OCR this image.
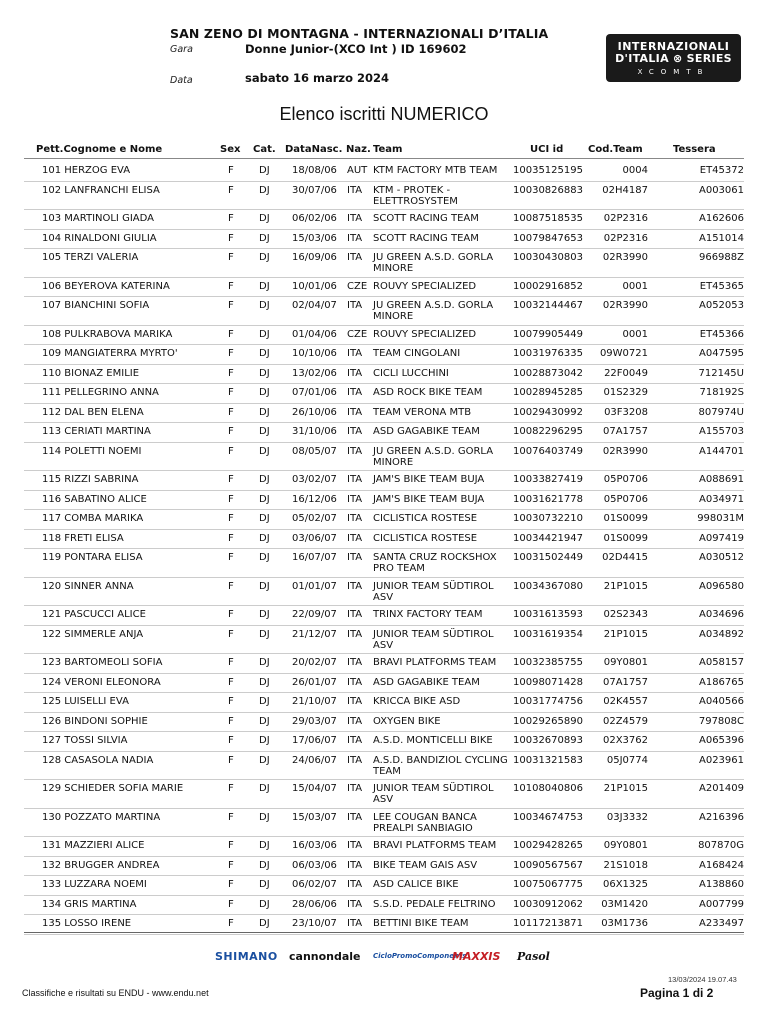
SAN ZENO DI MONTAGNA - INTERNAZIONALI D’ITALIA
Gara	Donne Junior-(XCO Int ) ID 169602
Data	sabato 16 marzo 2024
INTERNAZIONALI
D'ITALIA ⊗ SERIES
XCOMTB
Elenco iscritti NUMERICO
Pett.Cognome e Nome	Sex Cat. DataNasc. Naz. Team	UCI id Cod.Team	Tessera
101 HERZOG EVA	F	DJ 18/08/06 AUT KTM FACTORY MTB TEAM	10035125195	0004	ET45372
102 LANFRANCHI ELISA	F	DJ 30/07/06 ITA KTM - PROTEK - ELETTROSYSTEM
10030826883	02H4187	A003061
103 MARTINOLI GIADA	F	DJ 06/02/06 ITA SCOTT RACING TEAM	10087518535	02P2316	A162606
104 RINALDONI GIULIA	F	DJ 15/03/06 ITA SCOTT RACING TEAM	10079847653	02P2316	A151014
105 TERZI VALERIA	F	DJ 16/09/06 ITA JU GREEN A.S.D. GORLA MINORE
10030430803	02R3990	966988Z
106 BEYEROVA KATERINA	F	DJ 10/01/06 CZE ROUVY SPECIALIZED	10002916852	0001	ET45365
107 BIANCHINI SOFIA	F	DJ 02/04/07 ITA JU GREEN A.S.D. GORLA MINORE
10032144467	02R3990	A052053
108 PULKRABOVA MARIKA	F	DJ 01/04/06 CZE ROUVY SPECIALIZED	10079905449	0001	ET45366
109 MANGIATERRA MYRTO'	F	DJ 10/10/06 ITA TEAM CINGOLANI	10031976335 09W0721	A047595
110 BIONAZ EMILIE	F	DJ 13/02/06 ITA CICLI LUCCHINI	10028873042	22F0049	712145U
111 PELLEGRINO ANNA	F	DJ 07/01/06 ITA ASD ROCK BIKE TEAM	10028945285	01S2329	718192S
112 DAL BEN ELENA	F	DJ 26/10/06 ITA TEAM VERONA MTB	10029430992	03F3208	807974U
113 CERIATI MARTINA	F	DJ 31/10/06 ITA ASD GAGABIKE TEAM	10082296295	07A1757	A155703
114 POLETTI NOEMI	F	DJ 08/05/07 ITA JU GREEN A.S.D. GORLA MINORE
10076403749	02R3990	A144701
115 RIZZI SABRINA	F	DJ 03/02/07 ITA JAM'S BIKE TEAM BUJA	10033827419	05P0706	A088691
116 SABATINO ALICE	F	DJ 16/12/06 ITA JAM'S BIKE TEAM BUJA	10031621778	05P0706	A034971
117 COMBA MARIKA	F	DJ 05/02/07 ITA CICLISTICA ROSTESE	10030732210	01S0099	998031M
118 FRETI ELISA	F	DJ 03/06/07 ITA CICLISTICA ROSTESE	10034421947	01S0099	A097419
119 PONTARA ELISA	F	DJ 16/07/07 ITA SANTA CRUZ ROCKSHOX PRO TEAM
10031502449	02D4415	A030512
120 SINNER ANNA	F	DJ 01/01/07 ITA JUNIOR TEAM SÜDTIROL ASV
10034367080	21P1015	A096580
121 PASCUCCI ALICE	F	DJ 22/09/07 ITA TRINX FACTORY TEAM	10031613593	02S2343	A034696
122 SIMMERLE ANJA	F	DJ 21/12/07 ITA JUNIOR TEAM SÜDTIROL ASV
10031619354	21P1015	A034892
123 BARTOMEOLI SOFIA	F	DJ 20/02/07 ITA BRAVI PLATFORMS TEAM	10032385755	09Y0801	A058157
124 VERONI ELEONORA	F	DJ 26/01/07 ITA ASD GAGABIKE TEAM	10098071428	07A1757	A186765
125 LUISELLI EVA	F	DJ 21/10/07 ITA KRICCA BIKE ASD	10031774756	02K4557	A040566
126 BINDONI SOPHIE	F	DJ 29/03/07 ITA OXYGEN BIKE	10029265890	02Z4579	797808C
127 TOSSI SILVIA	F	DJ 17/06/07 ITA A.S.D. MONTICELLI BIKE	10032670893	02X3762	A065396
128 CASASOLA NADIA	F	DJ 24/06/07 ITA A.S.D. BANDIZIOL CYCLING TEAM
10031321583	05J0774	A023961
129 SCHIEDER SOFIA MARIE	F	DJ 15/04/07 ITA JUNIOR TEAM SÜDTIROL ASV
10108040806	21P1015	A201409
130 POZZATO MARTINA	F	DJ 15/03/07 ITA LEE COUGAN BANCA PREALPI SANBIAGIO
10034674753	03J3332	A216396
131 MAZZIERI ALICE	F	DJ 16/03/06 ITA BRAVI PLATFORMS TEAM	10029428265	09Y0801	807870G
132 BRUGGER ANDREA	F	DJ 06/03/06 ITA BIKE TEAM GAIS ASV	10090567567	21S1018	A168424
133 LUZZARA NOEMI	F	DJ 06/02/07 ITA ASD CALICE BIKE	10075067775	06X1325	A138860
134 GRIS MARTINA	F	DJ 28/06/06 ITA S.S.D. PEDALE FELTRINO	10030912062	03M1420	A007799
135 LOSSO IRENE	F	DJ 23/10/07 ITA BETTINI BIKE TEAM	10117213871	03M1736	A233497
SHIMANO cannondale CicloPromoComponents
MAXXIS Pasol
13/03/2024 19.07.43
Classifiche e risultati su ENDU - www.endu.net	Pagina 1 di 2
